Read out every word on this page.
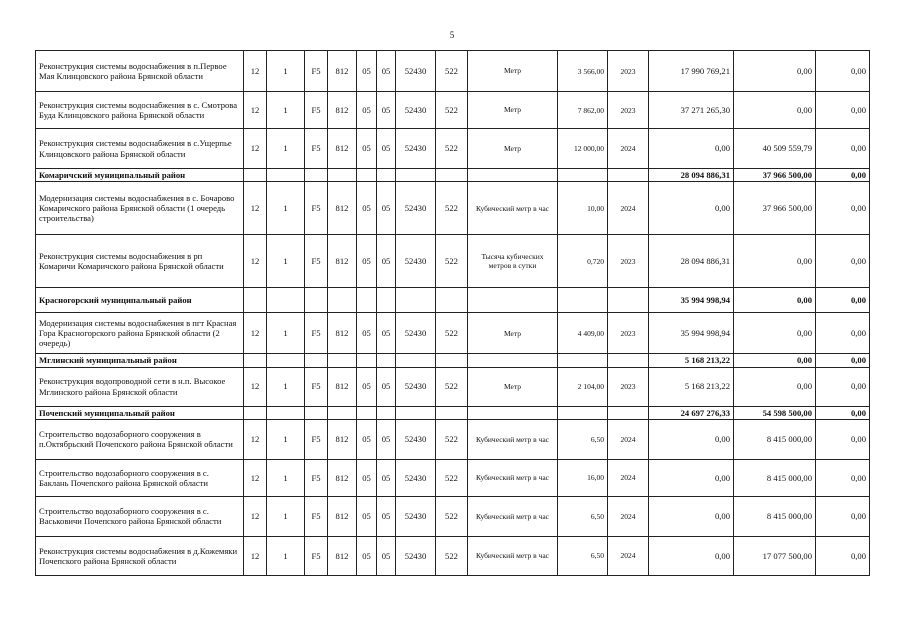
5
Реконструкция системы водоснабжения в п.Первое Мая Клинцовского района Брянской области	12	1	F5	812	05	05	52430	522	Метр	3 566,00	2023	17 990 769,21	0,00	0,00
Реконструкция системы водоснабжения в с. Смотрова Буда Клинцовского района Брянской области	12	1	F5	812	05	05	52430	522	Метр	7 862,00	2023	37 271 265,30	0,00	0,00
Реконструкция системы водоснабжения в с.Ущерпье Клинцовского района Брянской области	12	1	F5	812	05	05	52430	522	Метр	12 000,00	2024	0,00	40 509 559,79	0,00
Комаричский муниципальный район												28 094 886,31	37 966 500,00	0,00
Модернизация системы водоснабжения в с. Бочарово Комаричского района Брянской области (1 очередь строительства)	12	1	F5	812	05	05	52430	522	Кубический метр в час	10,00	2024	0,00	37 966 500,00	0,00
Реконструкция системы водоснабжения в рп Комаричи Комаричского района Брянской области	12	1	F5	812	05	05	52430	522	Тысяча кубических метров в сутки	0,720	2023	28 094 886,31	0,00	0,00
Красногорский муниципальный район												35 994 998,94	0,00	0,00
Модернизация системы водоснабжения в пгт Красная Гора Красногорского района Брянской области (2 очередь)	12	1	F5	812	05	05	52430	522	Метр	4 409,00	2023	35 994 998,94	0,00	0,00
Мглинский муниципальный район												5 168 213,22	0,00	0,00
Реконструкция водопроводной сети в н.п. Высокое Мглинского района Брянской области	12	1	F5	812	05	05	52430	522	Метр	2 104,00	2023	5 168 213,22	0,00	0,00
Почепский муниципальный район												24 697 276,33	54 598 500,00	0,00
Строительство водозаборного сооружения в п.Октябрьский Почепского района Брянской области	12	1	F5	812	05	05	52430	522	Кубический метр в час	6,50	2024	0,00	8 415 000,00	0,00
Строительство водозаборного сооружения в с. Баклань Почепского района Брянской области	12	1	F5	812	05	05	52430	522	Кубический метр в час	16,00	2024	0,00	8 415 000,00	0,00
Строительство водозаборного сооружения в с. Васьковичи Почепского района Брянской области	12	1	F5	812	05	05	52430	522	Кубический метр в час	6,50	2024	0,00	8 415 000,00	0,00
Реконструкция системы водоснабжения в д.Кожемяки Почепского района Брянской области	12	1	F5	812	05	05	52430	522	Кубический метр в час	6,50	2024	0,00	17 077 500,00	0,00
